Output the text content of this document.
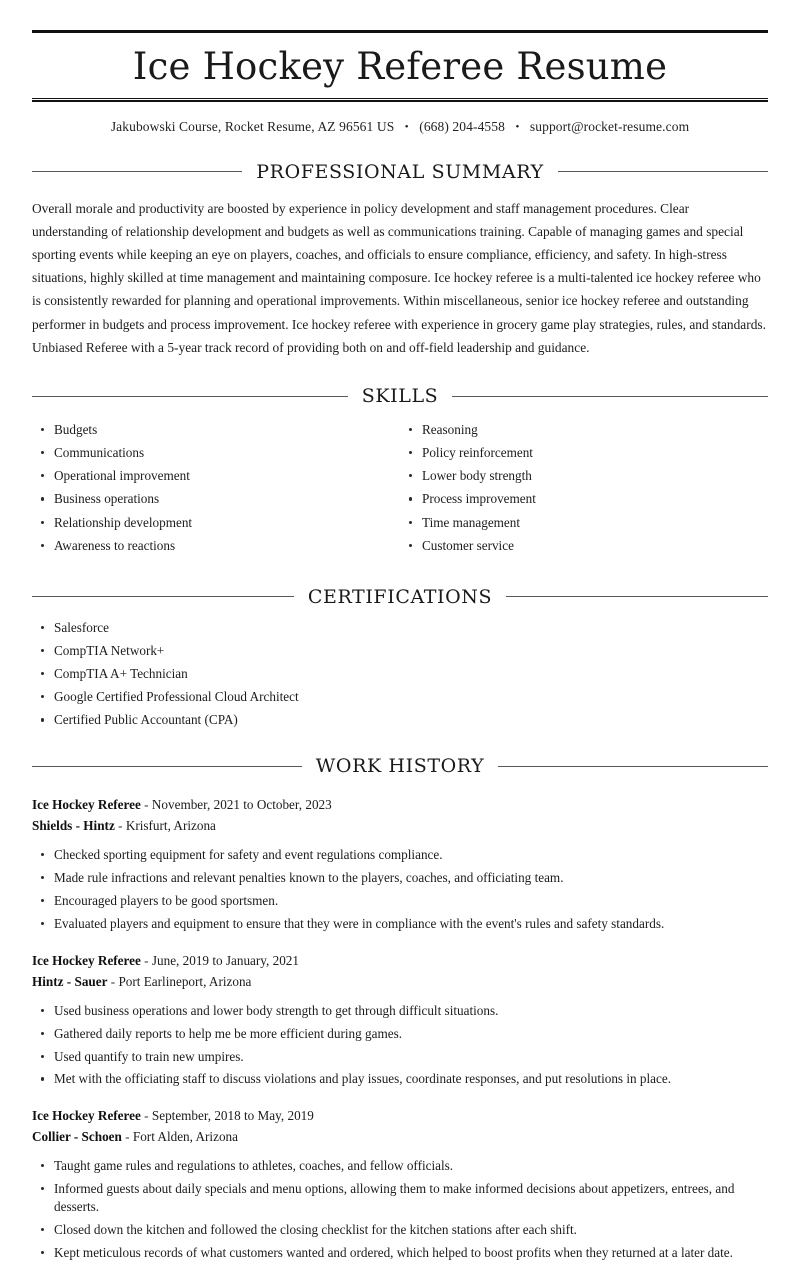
Ice Hockey Referee Resume
Jakubowski Course, Rocket Resume, AZ 96561 US • (668) 204-4558 • support@rocket-resume.com
PROFESSIONAL SUMMARY

Overall morale and productivity are boosted by experience in policy development and staff management procedures. Clear understanding of relationship development and budgets as well as communications training. Capable of managing games and special sporting events while keeping an eye on players, coaches, and officials to ensure compliance, efficiency, and safety. In high-stress situations, highly skilled at time management and maintaining composure. Ice hockey referee is a multi-talented ice hockey referee who is consistently rewarded for planning and operational improvements. Within miscellaneous, senior ice hockey referee and outstanding performer in budgets and process improvement. Ice hockey referee with experience in grocery game play strategies, rules, and standards. Unbiased Referee with a 5-year track record of providing both on and off-field leadership and guidance.

SKILLS
Budgets
Communications
Operational improvement
Business operations
Relationship development
Awareness to reactions
Reasoning
Policy reinforcement
Lower body strength
Process improvement
Time management
Customer service
CERTIFICATIONS
Salesforce
CompTIA Network+
CompTIA A+ Technician
Google Certified Professional Cloud Architect
Certified Public Accountant (CPA)
WORK HISTORY
Ice Hockey Referee - November, 2021 to October, 2023
Shields - Hintz - Krisfurt, Arizona
Checked sporting equipment for safety and event regulations compliance.
Made rule infractions and relevant penalties known to the players, coaches, and officiating team.
Encouraged players to be good sportsmen.
Evaluated players and equipment to ensure that they were in compliance with the event's rules and safety standards.
Ice Hockey Referee - June, 2019 to January, 2021
Hintz - Sauer - Port Earlineport, Arizona
Used business operations and lower body strength to get through difficult situations.
Gathered daily reports to help me be more efficient during games.
Used quantify to train new umpires.
Met with the officiating staff to discuss violations and play issues, coordinate responses, and put resolutions in place.
Ice Hockey Referee - September, 2018 to May, 2019
Collier - Schoen - Fort Alden, Arizona
Taught game rules and regulations to athletes, coaches, and fellow officials.
Informed guests about daily specials and menu options, allowing them to make informed decisions about appetizers, entrees, and desserts.
Closed down the kitchen and followed the closing checklist for the kitchen stations after each shift.
Kept meticulous records of what customers wanted and ordered, which helped to boost profits when they returned at a later date.
